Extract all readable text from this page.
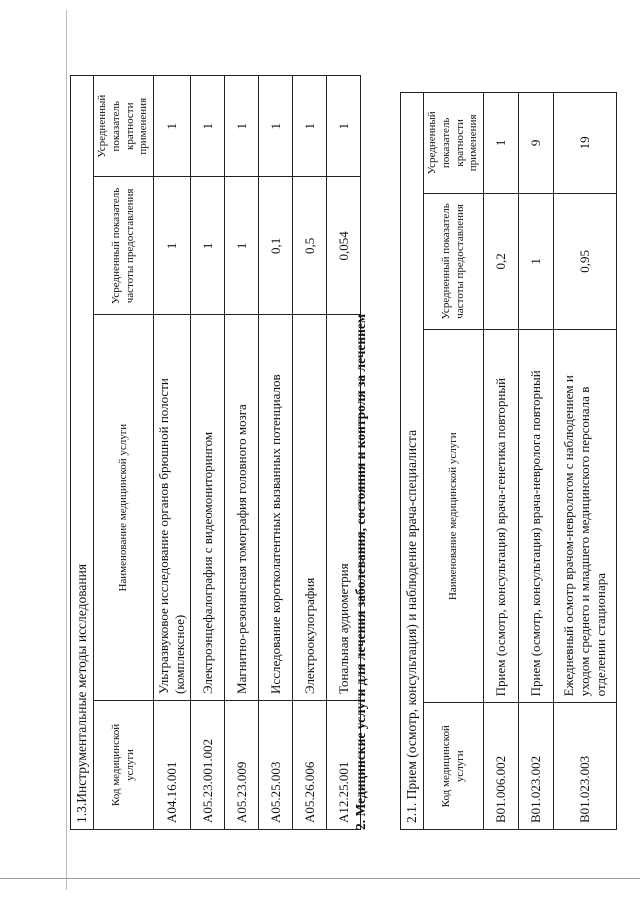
1.3.Инструментальные методы исследования			
Код медицинской услуги	Наименование медицинской услуги	Усредненный показатель частоты предоставления	Усредненный показатель кратности применения
A04.16.001	Ультразвуковое исследование органов брюшной полости (комплексное)	1	1
A05.23.001.002	Электроэнцефалография с видеомониторингом	1	1
A05.23.009	Магнитно-резонансная томография головного мозга	1	1
A05.25.003	Исследование коротколатентных вызванных потенциалов	0,1	1
A05.26.006	Электроокулография	0,5	1
A12.25.001	Тональная аудиометрия	0,054	1
2. Медицинские услуги для лечения заболевания, состояния и контроля за лечением	2.1. Прием (осмотр, консультация) и наблюдение врача-специалиста			
Код медицинской услуги	Наименование медицинской услуги	Усредненный показатель частоты предоставления	Усредненный показатель кратности применения
B01.006.002	Прием (осмотр, консультация) врача-генетика повторный	0,2	1
B01.023.002	Прием (осмотр, консультация) врача-невролога повторный	1	9
B01.023.003	Ежедневный осмотр врачом-неврологом с наблюдением и уходом среднего и младшего медицинского персонала в отделении стационара	0,95	19
